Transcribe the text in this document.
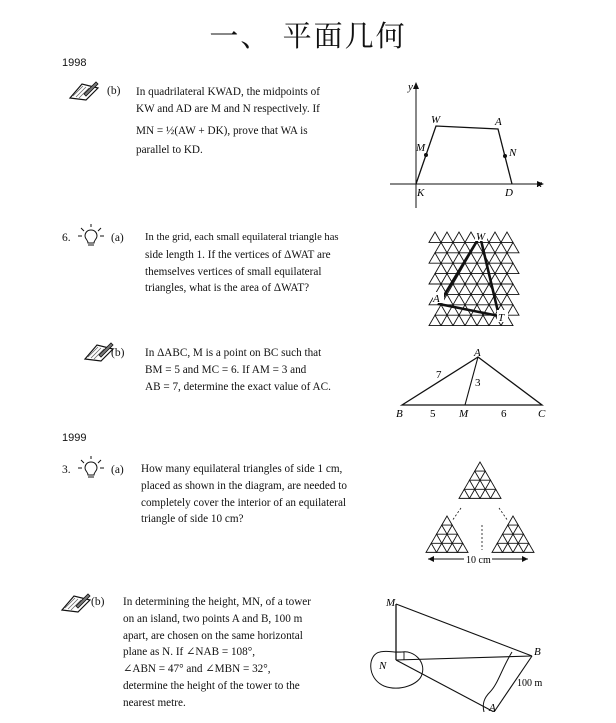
一、 平面几何
1998
(b) In quadrilateral KWAD, the midpoints of
KW and AD are M and N respectively. If
MN = ½(AW + DK), prove that WA is
parallel to KD.
y
x
W	A
M	N
K	D
6.	(a) In the grid, each small equilateral triangle has
side length 1. If the vertices of ΔWAT are
themselves vertices of small equilateral
triangles, what is the area of ΔWAT?
W
A
T
(b) In ΔABC, M is a point on BC such that
BM = 5 and MC = 6. If AM = 3 and
AB = 7, determine the exact value of AC.
A
7
3
B 5 M	6	C
1999
3.	(a) How many equilateral triangles of side 1 cm,
placed as shown in the diagram, are needed to
completely cover the interior of an equilateral
triangle of side 10 cm?
10 cm
(b) In determining the height, MN, of a tower
on an island, two points A and B, 100 m
apart, are chosen on the same horizontal
plane as N. If ∠NAB = 108°,
∠ABN = 47° and ∠MBN = 32°,
determine the height of the tower to the
nearest metre.
M
N
B
100 m
A
